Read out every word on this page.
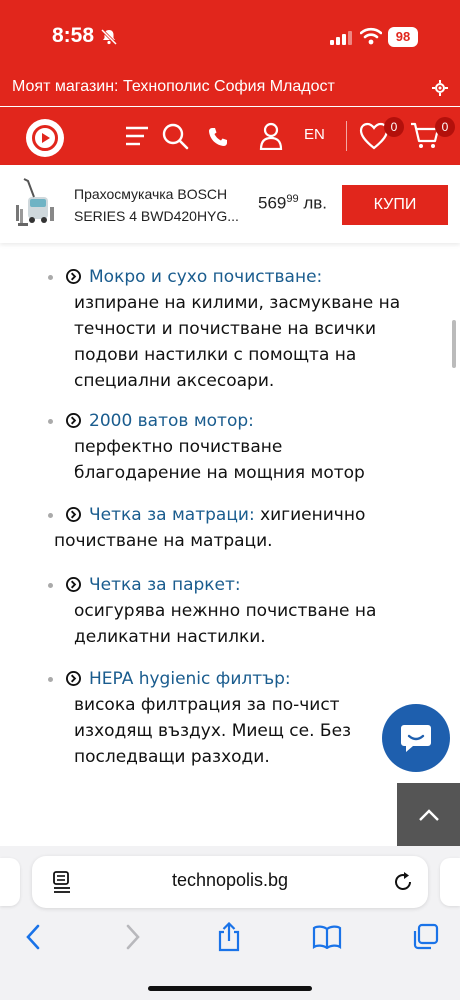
8:58	98
Моят магазин: Технополис София Младост
EN	0	0
Прахосмукачка BOSCH SERIES 4 BWD420HYG...
$569^{99}$ лв.	КУПИ
Мокро и сухо почистване:
изпиране на килими, засмукване на течности и почистване на всички подови настилки с помощта на специални аксесоари.
2000 ватов мотор:
перфектно почистване благодарение на мощния мотор
Четка за матраци: хигиенично почистване на матраци.
Четка за паркет:
осигурява нежнно почистване на деликатни настилки.
HEPA hygienic филтър:
висока филтрация за по-чист изходящ въздух. Миещ се. Без последващи разходи.
technopolis.bg
